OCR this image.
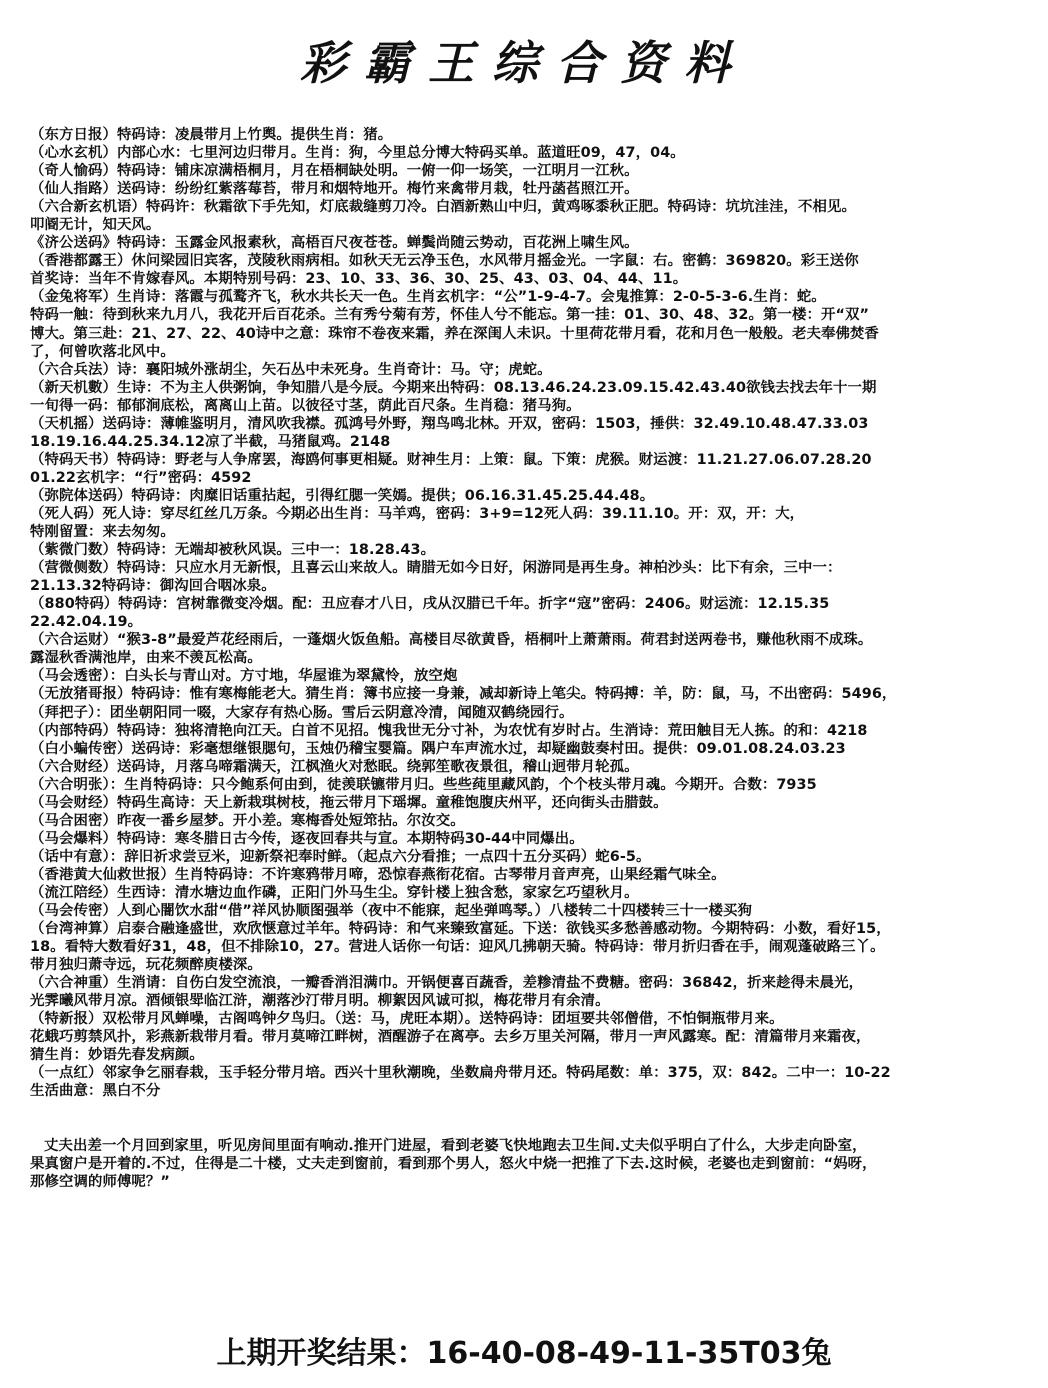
彩霸王综合资料
（东方日报）特码诗：凌晨带月上竹舆。提供生肖：猪。
（心水玄机）内部心水：七里河边归带月。生肖：狗，今里总分博大特码买单。蓝道旺09，47，04。
（奇人愉码）特码诗：铺床凉满梧桐月，月在梧桐缺处明。一俯一仰一场笑，一江明月一江秋。
（仙人指路）送码诗：纷纷红紫落莓苔，带月和烟特地开。梅竹来禽带月栽，牡丹菡萏照江开。
（六合新玄机语）特码许：秋霜欲下手先知，灯底裁缝剪刀冷。白酒新熟山中归，黄鸡啄黍秋正肥。特码诗：坑坑洼洼，不相见。
叩阍无计，知天风。
《济公送码》特码诗：玉露金风报素秋，高梧百尺夜苍苍。蝉鬓尚随云势动，百花洲上啸生风。
（香港都露王）休问梁园旧宾客，茂陵秋雨病相。如秋天无云净玉色，水风带月摇金光。一字鼠：右。密鹤：369820。彩王送你
首奖诗：当年不肯嫁春风。本期特别号码：23、10、33、36、30、25、43、03、04、44、11。
（金兔将军）生肖诗：落霞与孤鹜齐飞，秋水共长天一色。生肖玄机字：“公”1-9-4-7。会鬼推算：2-0-5-3-6.生肖：蛇。
特码一触：待到秋来九月八，我花开后百花杀。兰有秀兮菊有芳，怀佳人兮不能忘。第一挂：01、30、48、32。第一楼：开“双”
博大。第三赴：21、27、22、40诗中之意：珠帘不卷夜来霜，养在深闺人未识。十里荷花带月看，花和月色一般般。老夫奉佛焚香
了，何曾吹落北风中。
（六合兵法）诗：襄阳城外涨胡尘，矢石丛中未死身。生肖奇计：马。守；虎蛇。
（新天机數）生诗：不为主人供粥饷，争知腊八是今辰。今期来出特码：08.13.46.24.23.09.15.42.43.40欲钱去找去年十一期
一旬得一码：郁郁涧底松，离离山上苗。以彼径寸茎，荫此百尺条。生肖稳：猪马狗。
（天机摇）送码诗：薄帷鉴明月，清风吹我襟。孤鸿号外野，翔鸟鸣北林。开双，密码：1503，捶供：32.49.10.48.47.33.03
18.19.16.44.25.34.12凉了半截，马猪鼠鸡。2148
（特码天书）特码诗：野老与人争席罢，海鸥何事更相疑。财神生月：上策：鼠。下策：虎猴。财运渡：11.21.27.06.07.28.20
01.22玄机字：“行”密码：4592
（弥院体送码）特码诗：肉糜旧话重拈起，引得红腮一笑嫣。提供；06.16.31.45.25.44.48。
（死人码）死人诗：穿尽红丝几万条。今期必出生肖：马羊鸡，密码：3+9=12死人码：39.11.10。开：双，开：大，
特刚留置：来去匆匆。
（紫微门数）特码诗：无端却被秋风误。三中一：18.28.43。
（营微侧数）特码诗：只应水月无新恨，且喜云山来故人。睛腊无如今日好，闲游同是再生身。神柏沙头：比下有余，三中一：
21.13.32特码诗：御沟回合咽冰泉。
（880特码）特码诗：宫树靠微变冷烟。配：丑应春才八日，戌从汉腊已千年。折字“寇”密码：2406。财运流：12.15.35
22.42.04.19。
（六合运财）“猴3-8”最爱芦花经雨后，一蓬烟火饭鱼船。高楼目尽欲黄昏，梧桐叶上萧萧雨。荷君封送两卷书，赚他秋雨不成珠。
露湿秋香满池岸，由来不羡瓦松高。
（马会透密）：白头长与青山对。方寸地，华屋谁为翠黛怜，放空炮
（无放猪哥报）特码诗：惟有寒梅能老大。猜生肖：簿书应接一身兼，减却新诗上笔尖。特码搏：羊，防：鼠，马，不出密码：5496，
（拜把子）：团坐朝阳同一啜，大家存有热心肠。雪后云阴意冷清，闻随双鹤绕园行。
（内部特码）特码诗：独将清艳向江天。白首不见招。愧我世无分寸补，为农忧有岁时占。生消诗：荒田触目无人拣。的和：4218
（白小蝙传密）送码诗：彩毫想继银腮句，玉烛仍稽宝婴篇。隅户车声流水过，却疑幽鼓奏村田。提供：09.01.08.24.03.23
（六合财经）送码诗，月落乌啼霜满天，江枫渔火对愁眠。绕郭笙歌夜景徂，稽山迥带月轮孤。
（六合明张）：生肖特码诗：只今鲍系何由到，徒羡联镳带月归。些些莼里藏风韵，个个枝头带月魂。今期开。合数：7935
（马会财经）特码生高诗：天上新栽琪树枝，拖云带月下瑶墀。童稚饱腹庆州平，还向街头击腊鼓。
（马合困密）昨夜一番乡屋梦。开小差。寒梅香处短筇拈。尔汝交。
（马会爆料）特码诗：寒冬腊日古今传，逐夜回春共与宣。本期特码30-44中同爆出。
（话中有意）：辞旧祈求尝豆米，迎新祭祀奉时鲜。（起点六分看推；一点四十五分买码）蛇6-5。
（香港黄大仙救世报）生肖特码诗：不许寒鸦带月啼，恐惊春燕衔花宿。古琴带月音声亮，山果经霜气味全。
（流江陪经）生西诗：清水塘边血作磷，正阳门外马生尘。穿针楼上独含愁，家家乞巧望秋月。
（马会传密）人到心闇饮水甜“借”祥风协顺图强举（夜中不能寐，起坐弹鸣琴。）八楼转二十四楼转三十一楼买狗
（台湾神算）启泰合融逢盛世，欢欣惬意过羊年。特码诗：和气来臻致富延。下送：欲钱买多愁善感动物。今期特码：小数，看好15，
18。看特大数看好31，48，但不排除10，27。营进人话你一句话：迎风几拂朝天骑。特码诗：带月折归香在手，闹观蓬破路三丫。
带月独归萧寺远，玩花频醉庾楼深。
（六合神重）生消请：自伤白发空流浪，一瓣香消泪满巾。开锅便喜百蔬香，差糁清盐不费糖。密码：36842，折来趁得未晨光，
光霁曦风带月凉。酒倾银斝临江浒，潮落沙汀带月明。柳絮因风诚可拟，梅花带月有余清。
（特新报）双松带月风蝉噪，古阁鸣钟夕鸟归。（送：马，虎旺本期）。送特码诗：团垣要共邻僧借，不怕铜瓶带月来。
花蛾巧剪禁风扑，彩燕新栽带月看。带月莫啼江畔树，酒醒游子在离亭。去乡万里关河隔，带月一声风露寒。配：清篇带月来霜夜，
猜生肖：妙语先春发病颜。
（一点红）邻家争乞丽春栽，玉手轻分带月培。西兴十里秋潮晚，坐数扁舟带月还。特码尾数：单：375，双：842。二中一：10-22
生活曲意：黑白不分
丈夫出差一个月回到家里，听见房间里面有响动.推开门进屋，看到老婆飞快地跑去卫生间.丈夫似乎明白了什么，大步走向卧室，
果真窗户是开着的.不过，住得是二十楼，丈夫走到窗前，看到那个男人，怒火中烧一把推了下去.这时候，老婆也走到窗前：“妈呀，
那修空调的师傅呢？”
上期开奖结果：16-40-08-49-11-35T03兔
